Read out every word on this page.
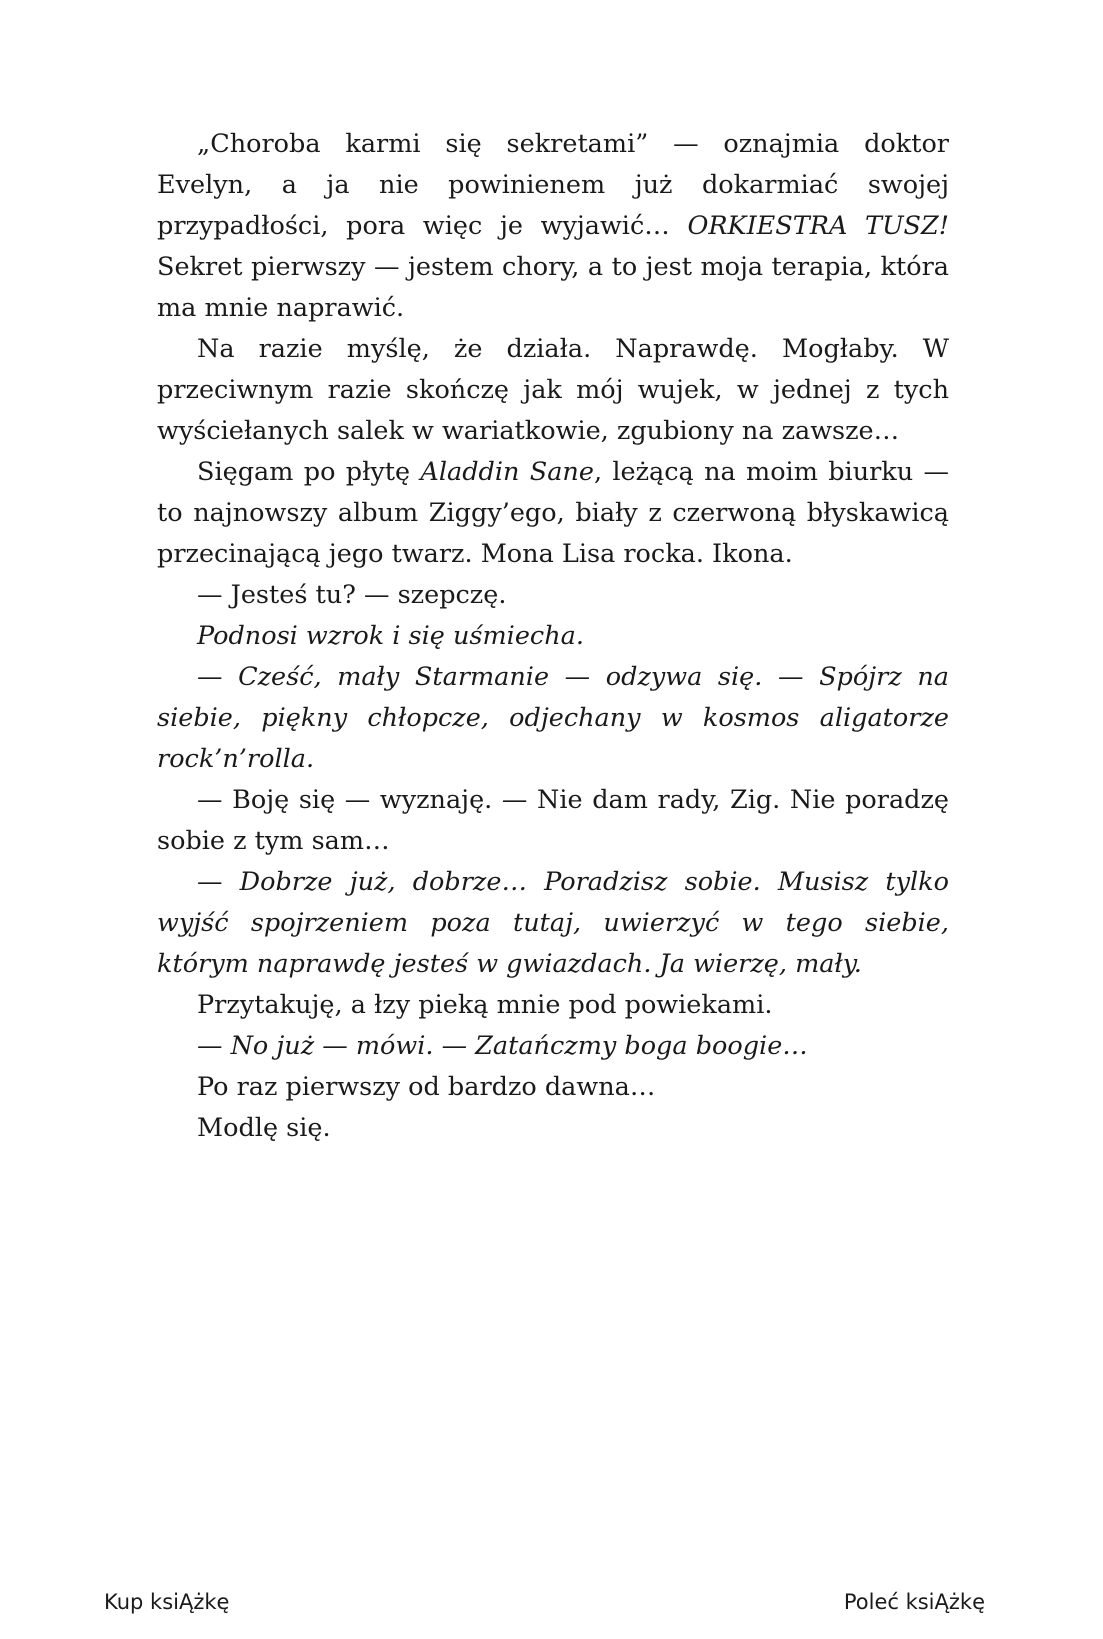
„Choroba karmi się sekretami” — oznajmia doktor Evelyn, a ja nie powinienem już dokarmiać swojej przypadłości, pora więc je wyjawić… ORKIESTRA TUSZ! Sekret pierwszy — jestem chory, a to jest moja terapia, która ma mnie naprawić.

Na razie myślę, że działa. Naprawdę. Mogłaby. W przeciwnym razie skończę jak mój wujek, w jednej z tych wyściełanych salek w wariatkowie, zgubiony na zawsze…

Sięgam po płytę Aladdin Sane, leżącą na moim biurku — to najnowszy album Ziggy’ego, biały z czerwoną błyskawicą przecinającą jego twarz. Mona Lisa rocka. Ikona.

— Jesteś tu? — szepczę.

Podnosi wzrok i się uśmiecha.

— Cześć, mały Starmanie — odzywa się. — Spójrz na siebie, piękny chłopcze, odjechany w kosmos aligatorze rock’n’rolla.

— Boję się — wyznaję. — Nie dam rady, Zig. Nie poradzę sobie z tym sam…

— Dobrze już, dobrze… Poradzisz sobie. Musisz tylko wyjść spojrzeniem poza tutaj, uwierzyć w tego siebie, którym naprawdę jesteś w gwiazdach. Ja wierzę, mały.

Przytakuję, a łzy pieką mnie pod powiekami.

— No już — mówi. — Zatańczmy boga boogie…

Po raz pierwszy od bardzo dawna…

Modlę się.

Kup ksiĄżkę	Poleć ksiĄżkę
